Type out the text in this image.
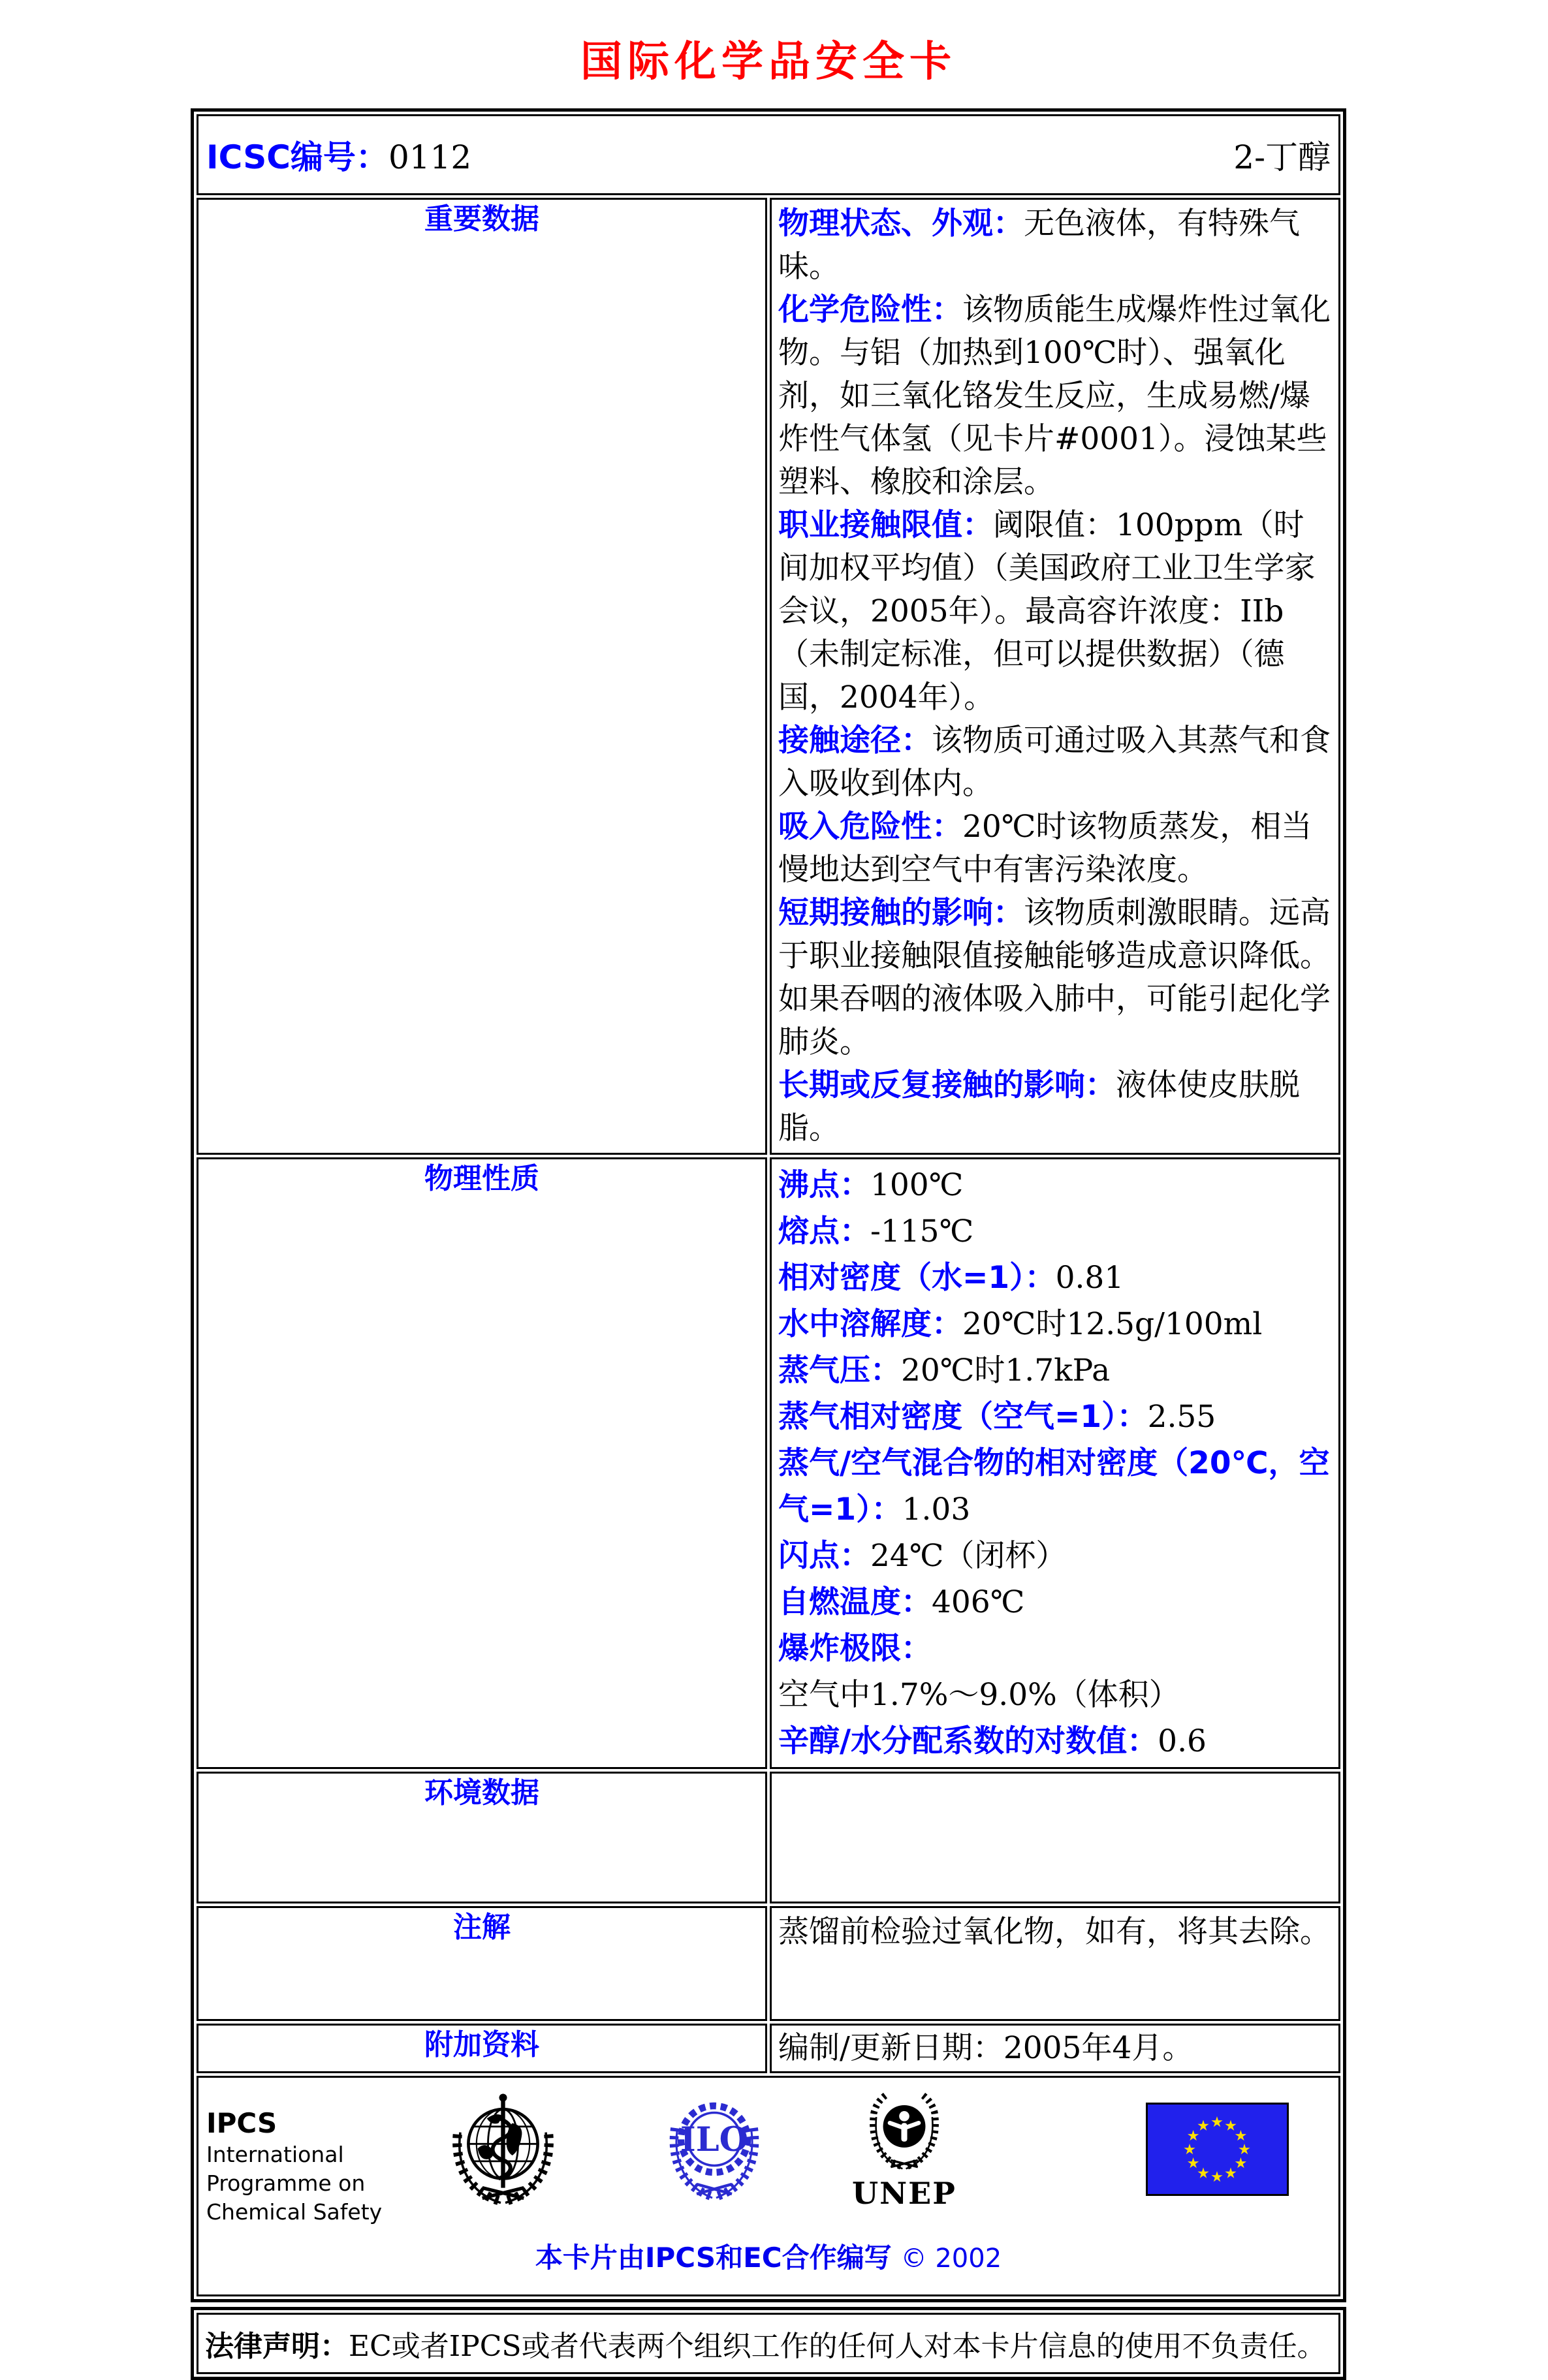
国际化学品安全卡
ICSC编号：0112 2-丁醇	

重要数据	物理状态、外观：无色液体，有特殊气味。

化学危险性：该物质能生成爆炸性过氧化物。与铝（加热到100℃时）、强氧化剂，如三氧化铬发生反应，生成易燃/爆炸性气体氢（见卡片#0001）。浸蚀某些塑料、橡胶和涂层。

职业接触限值：阈限值：100ppm（时间加权平均值）（美国政府工业卫生学家会议，2005年）。最高容许浓度：IIb（未制定标准，但可以提供数据）（德国，2004年）。

接触途径：该物质可通过吸入其蒸气和食入吸收到体内。

吸入危险性：20℃时该物质蒸发，相当慢地达到空气中有害污染浓度。

短期接触的影响：该物质刺激眼睛。远高于职业接触限值接触能够造成意识降低。如果吞咽的液体吸入肺中，可能引起化学肺炎。

长期或反复接触的影响：液体使皮肤脱脂。

物理性质	沸点：100℃

熔点：-115℃

相对密度（水=1）：0.81

水中溶解度：20℃时12.5g/100ml

蒸气压：20℃时1.7kPa

蒸气相对密度（空气=1）：2.55

蒸气/空气混合物的相对密度（20℃，空气=1）：1.03

闪点：24℃（闭杯）

自燃温度：406℃

爆炸极限：空气中1.7%～9.0%（体积）

辛醇/水分配系数的对数值：0.6

环境数据	
注解	蒸馏前检验过氧化物，如有，将其去除。

附加资料	编制/更新日期：2005年4月。

IPCS
International
Programme on
Chemical Safety
ILO
UNEP
本卡片由IPCS和EC合作编写 © 2002
法律声明： EC或者IPCS或者代表两个组织工作的任何人对本卡片信息的使用不负责任。
